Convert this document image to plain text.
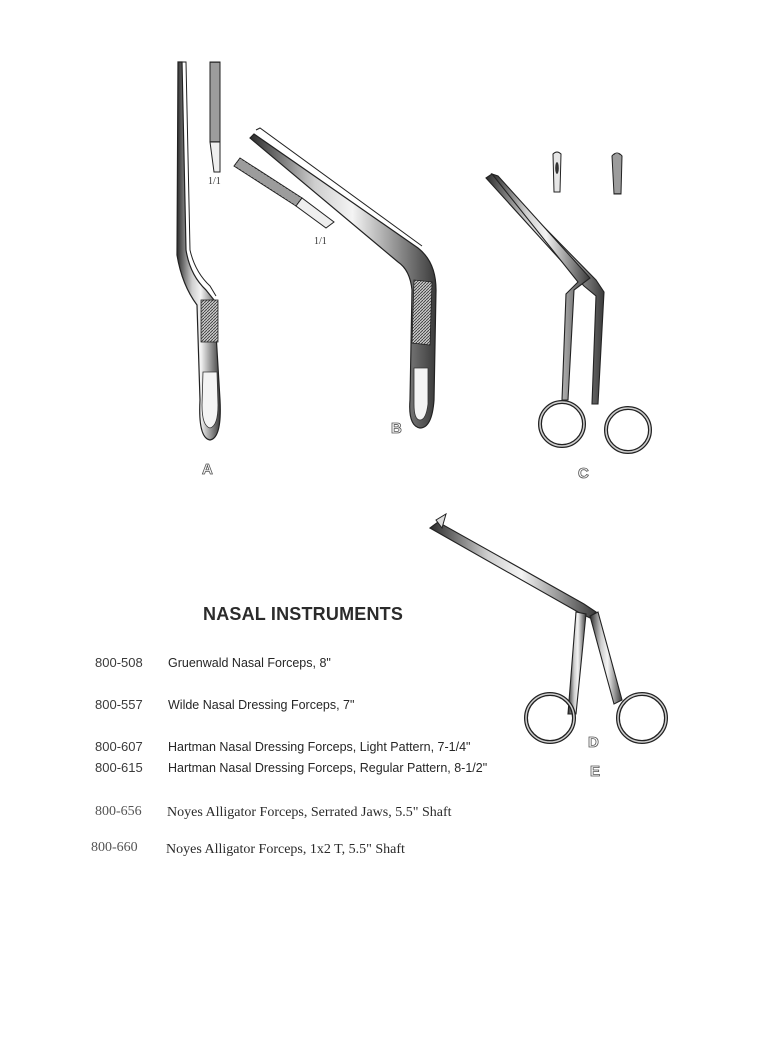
1/1
1/1
A
B
C
D
E
NASAL INSTRUMENTS
800-508 Gruenwald Nasal Forceps, 8"
800-557 Wilde Nasal Dressing Forceps, 7"
800-607 Hartman Nasal Dressing Forceps, Light Pattern, 7-1/4"
800-615 Hartman Nasal Dressing Forceps, Regular Pattern, 8-1/2"
800-656 Noyes Alligator Forceps, Serrated Jaws, 5.5" Shaft
800-660 Noyes Alligator Forceps, 1x2 T, 5.5" Shaft
